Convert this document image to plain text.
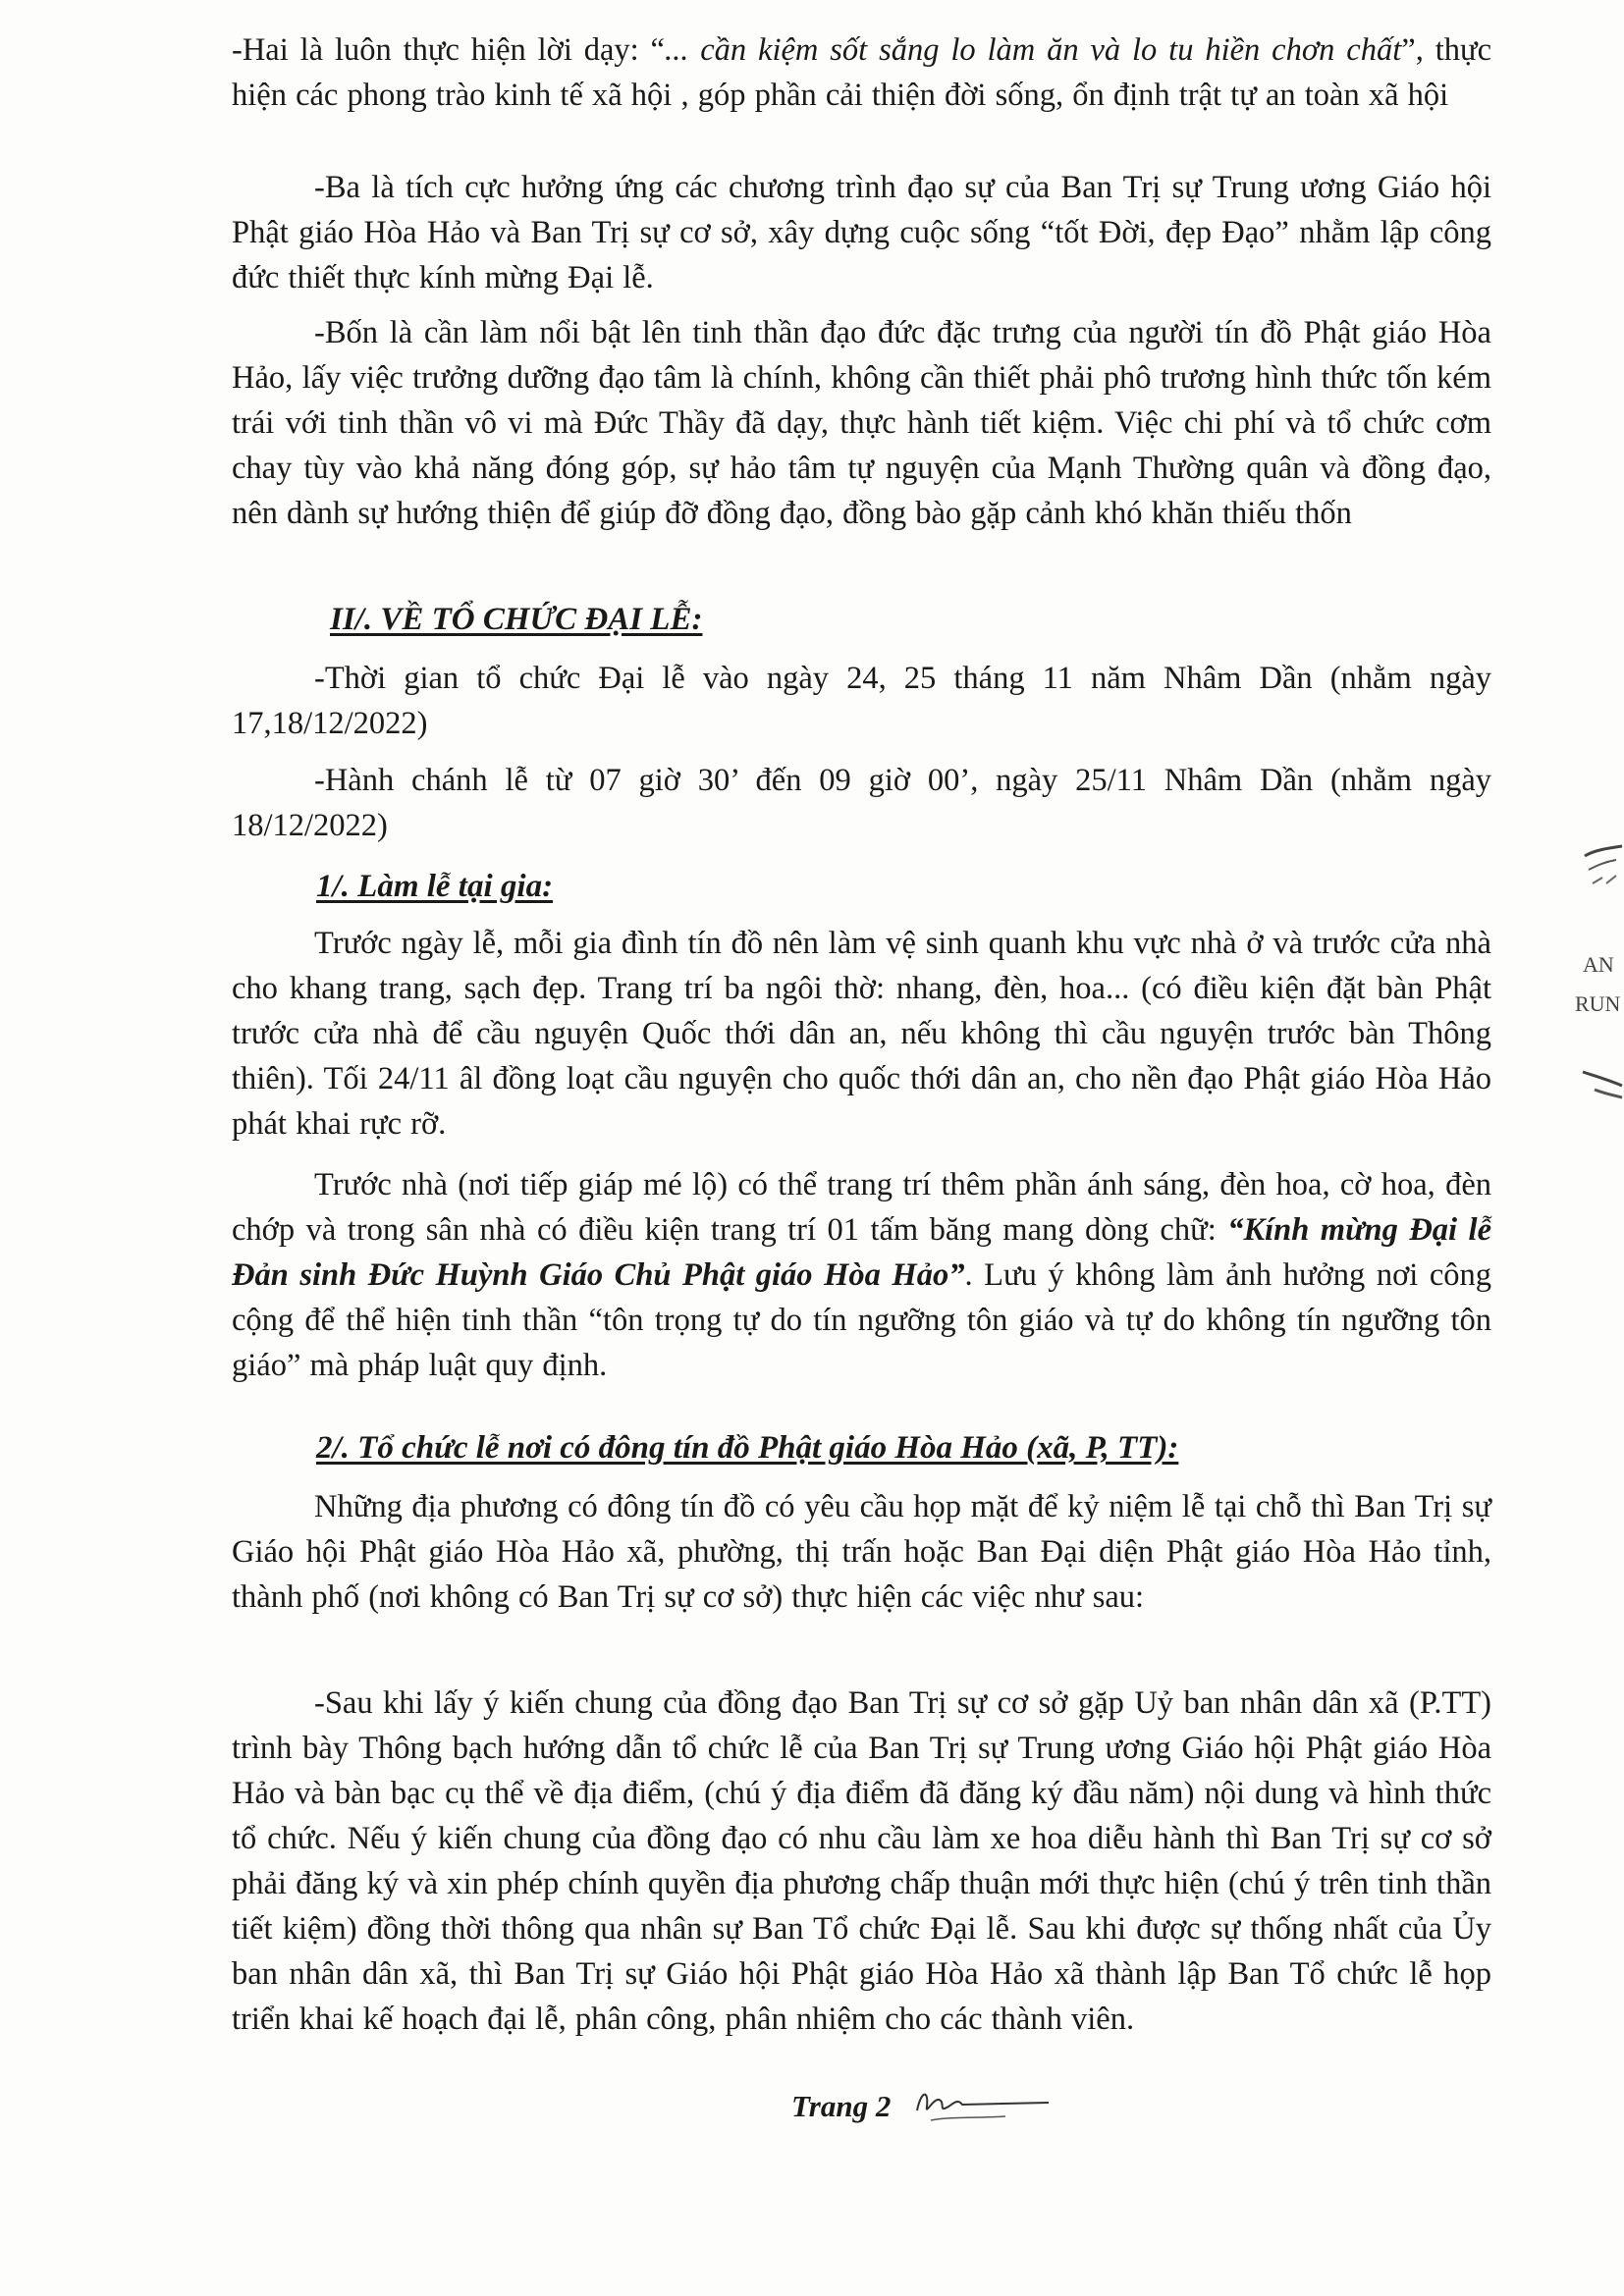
-Hai là luôn thực hiện lời dạy: “... cần kiệm sốt sắng lo làm ăn và lo tu hiền chơn chất”, thực hiện các phong trào kinh tế xã hội , góp phần cải thiện đời sống, ổn định trật tự an toàn xã hội

-Ba là tích cực hưởng ứng các chương trình đạo sự của Ban Trị sự Trung ương Giáo hội Phật giáo Hòa Hảo và Ban Trị sự cơ sở, xây dựng cuộc sống “tốt Đời, đẹp Đạo” nhằm lập công đức thiết thực kính mừng Đại lễ.

-Bốn là cần làm nổi bật lên tinh thần đạo đức đặc trưng của người tín đồ Phật giáo Hòa Hảo, lấy việc trưởng dưỡng đạo tâm là chính, không cần thiết phải phô trương hình thức tốn kém trái với tinh thần vô vi mà Đức Thầy đã dạy, thực hành tiết kiệm. Việc chi phí và tổ chức cơm chay tùy vào khả năng đóng góp, sự hảo tâm tự nguyện của Mạnh Thường quân và đồng đạo, nên dành sự hướng thiện để giúp đỡ đồng đạo, đồng bào gặp cảnh khó khăn thiếu thốn

II/. VỀ TỔ CHỨC ĐẠI LỄ:

-Thời gian tổ chức Đại lễ vào ngày 24, 25 tháng 11 năm Nhâm Dần (nhằm ngày 17,18/12/2022)

-Hành chánh lễ từ 07 giờ 30’ đến 09 giờ 00’, ngày 25/11 Nhâm Dần (nhằm ngày 18/12/2022)

1/. Làm lễ tại gia:

Trước ngày lễ, mỗi gia đình tín đồ nên làm vệ sinh quanh khu vực nhà ở và trước cửa nhà cho khang trang, sạch đẹp. Trang trí ba ngôi thờ: nhang, đèn, hoa... (có điều kiện đặt bàn Phật trước cửa nhà để cầu nguyện Quốc thới dân an, nếu không thì cầu nguyện trước bàn Thông thiên). Tối 24/11 âl đồng loạt cầu nguyện cho quốc thới dân an, cho nền đạo Phật giáo Hòa Hảo phát khai rực rỡ.

Trước nhà (nơi tiếp giáp mé lộ) có thể trang trí thêm phần ánh sáng, đèn hoa, cờ hoa, đèn chớp và trong sân nhà có điều kiện trang trí 01 tấm băng mang dòng chữ: “Kính mừng Đại lễ Đản sinh Đức Huỳnh Giáo Chủ Phật giáo Hòa Hảo”. Lưu ý không làm ảnh hưởng nơi công cộng để thể hiện tinh thần “tôn trọng tự do tín ngưỡng tôn giáo và tự do không tín ngưỡng tôn giáo” mà pháp luật quy định.

2/. Tổ chức lễ nơi có đông tín đồ Phật giáo Hòa Hảo (xã, P, TT):

Những địa phương có đông tín đồ có yêu cầu họp mặt để kỷ niệm lễ tại chỗ thì Ban Trị sự Giáo hội Phật giáo Hòa Hảo xã, phường, thị trấn hoặc Ban Đại diện Phật giáo Hòa Hảo tỉnh, thành phố (nơi không có Ban Trị sự cơ sở) thực hiện các việc như sau:

-Sau khi lấy ý kiến chung của đồng đạo Ban Trị sự cơ sở gặp Uỷ ban nhân dân xã (P.TT) trình bày Thông bạch hướng dẫn tổ chức lễ của Ban Trị sự Trung ương Giáo hội Phật giáo Hòa Hảo và bàn bạc cụ thể về địa điểm, (chú ý địa điểm đã đăng ký đầu năm) nội dung và hình thức tổ chức. Nếu ý kiến chung của đồng đạo có nhu cầu làm xe hoa diễu hành thì Ban Trị sự cơ sở phải đăng ký và xin phép chính quyền địa phương chấp thuận mới thực hiện (chú ý trên tinh thần tiết kiệm) đồng thời thông qua nhân sự Ban Tổ chức Đại lễ. Sau khi được sự thống nhất của Ủy ban nhân dân xã, thì Ban Trị sự Giáo hội Phật giáo Hòa Hảo xã thành lập Ban Tổ chức lễ họp triển khai kế hoạch đại lễ, phân công, phân nhiệm cho các thành viên.

Trang 2
AN
RUN
